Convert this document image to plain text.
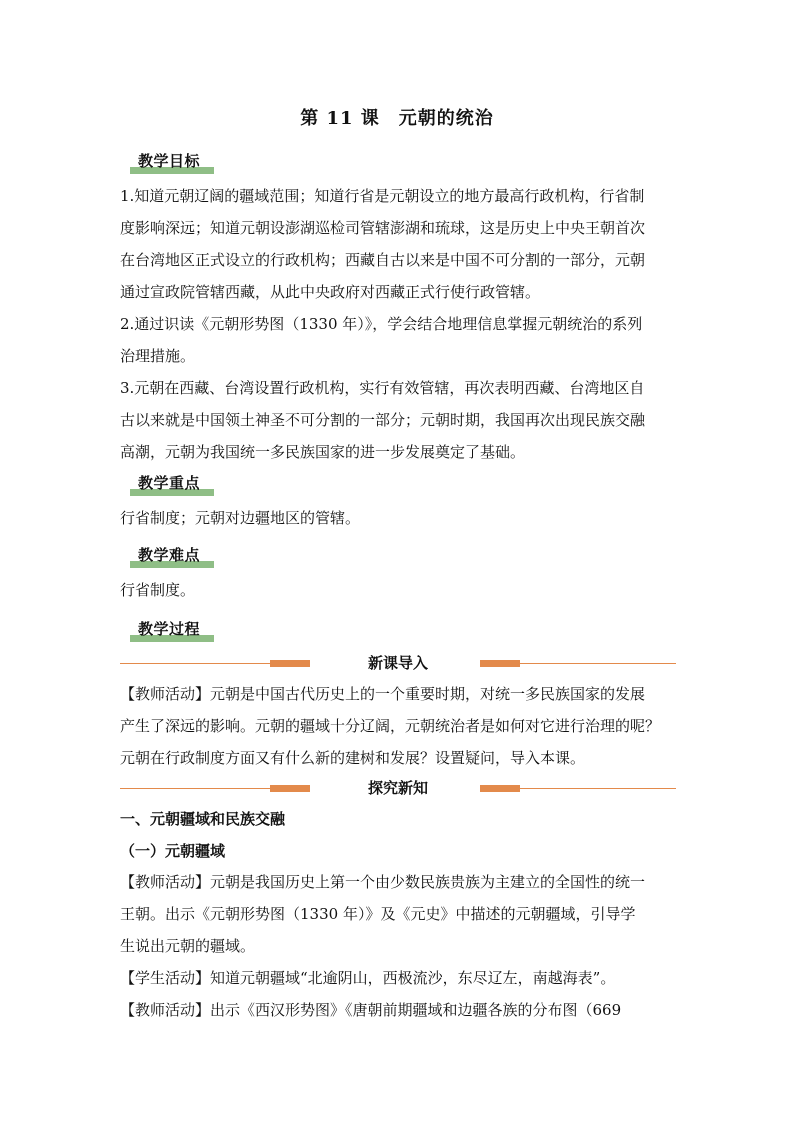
第 11 课　元朝的统治
教学目标
1.知道元朝辽阔的疆域范围；知道行省是元朝设立的地方最高行政机构，行省制
度影响深远；知道元朝设澎湖巡检司管辖澎湖和琉球，这是历史上中央王朝首次
在台湾地区正式设立的行政机构；西藏自古以来是中国不可分割的一部分，元朝
通过宣政院管辖西藏，从此中央政府对西藏正式行使行政管辖。
2.通过识读《元朝形势图（1330 年）》，学会结合地理信息掌握元朝统治的系列
治理措施。
3.元朝在西藏、台湾设置行政机构，实行有效管辖，再次表明西藏、台湾地区自
古以来就是中国领土神圣不可分割的一部分；元朝时期，我国再次出现民族交融
高潮，元朝为我国统一多民族国家的进一步发展奠定了基础。
教学重点
行省制度；元朝对边疆地区的管辖。
教学难点
行省制度。
教学过程
新课导入
【教师活动】元朝是中国古代历史上的一个重要时期，对统一多民族国家的发展
产生了深远的影响。元朝的疆域十分辽阔，元朝统治者是如何对它进行治理的呢？
元朝在行政制度方面又有什么新的建树和发展？设置疑问，导入本课。
探究新知
一、元朝疆域和民族交融
（一）元朝疆域
【教师活动】元朝是我国历史上第一个由少数民族贵族为主建立的全国性的统一
王朝。出示《元朝形势图（1330 年）》及《元史》中描述的元朝疆域，引导学
生说出元朝的疆域。
【学生活动】知道元朝疆域“北逾阴山，西极流沙，东尽辽左，南越海表”。
【教师活动】出示《西汉形势图》《唐朝前期疆域和边疆各族的分布图（669
